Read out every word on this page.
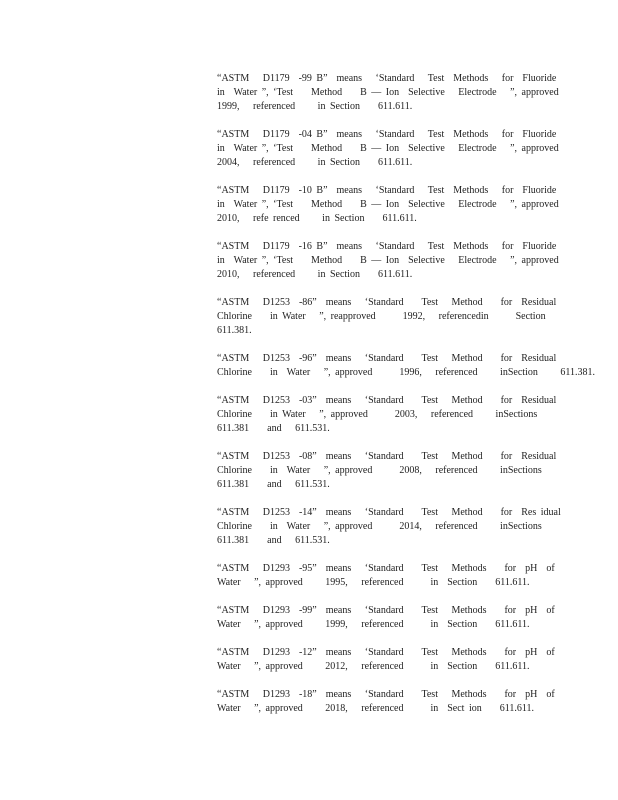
“ASTM   D1179  -99 B”  means   ‘Standard   Test  Methods   for  Fluoride
in  Water ”, ‘Test    Method    B — Ion  Selective   Electrode   ”, approved
1999,   referenced     in Section    611.611.
“ASTM   D1179  -04 B”  means   ‘Standard   Test  Methods   for  Fluoride
in  Water ”, ‘Test    Method    B — Ion  Selective   Electrode   ”, approved
2004,   referenced     in Section    611.611.
“ASTM   D1179  -10 B”  means   ‘Standard   Test  Methods   for  Fluoride
in  Water ”, ‘Test    Method    B — Ion  Selective   Electrode   ”, approved
2010,   refe renced     in Section    611.611.
“ASTM   D1179  -16 B”  means   ‘Standard   Test  Methods   for  Fluoride
in  Water ”, ‘Test    Method    B — Ion  Selective   Electrode   ”, approved
2010,   referenced     in Section    611.611.
“ASTM   D1253  -86”  means   ‘Standard    Test   Method    for  Residual
Chlorine    in Water   ”, reapproved      1992,   referencedin      Section
611.381.
“ASTM   D1253  -96”  means   ‘Standard    Test   Method    for  Residual
Chlorine    in  Water   ”, approved      1996,   referenced     inSection     611.381.
“ASTM   D1253  -03”  means   ‘Standard    Test   Method    for  Residual
Chlorine    in Water   ”, approved      2003,   referenced     inSections
611.381    and   611.531.
“ASTM   D1253  -08”  means   ‘Standard    Test   Method    for  Residual
Chlorine    in  Water   ”, approved      2008,   referenced     inSections
611.381    and   611.531.
“ASTM   D1253  -14”  means   ‘Standard    Test   Method    for  Res idual
Chlorine    in  Water   ”, approved      2014,   referenced     inSections
611.381    and   611.531.
“ASTM   D1293  -95”  means   ‘Standard    Test   Methods    for  pH  of
Water   ”, approved     1995,   referenced      in  Section    611.611.
“ASTM   D1293  -99”  means   ‘Standard    Test   Methods    for  pH  of
Water   ”, approved     1999,   referenced      in  Section    611.611.
“ASTM   D1293  -12”  means   ‘Standard    Test   Methods    for  pH  of
Water   ”, approved     2012,   referenced      in  Section    611.611.
“ASTM   D1293  -18”  means   ‘Standard    Test   Methods    for  pH  of
Water   ”, approved     2018,   referenced      in  Sect ion    611.611.
